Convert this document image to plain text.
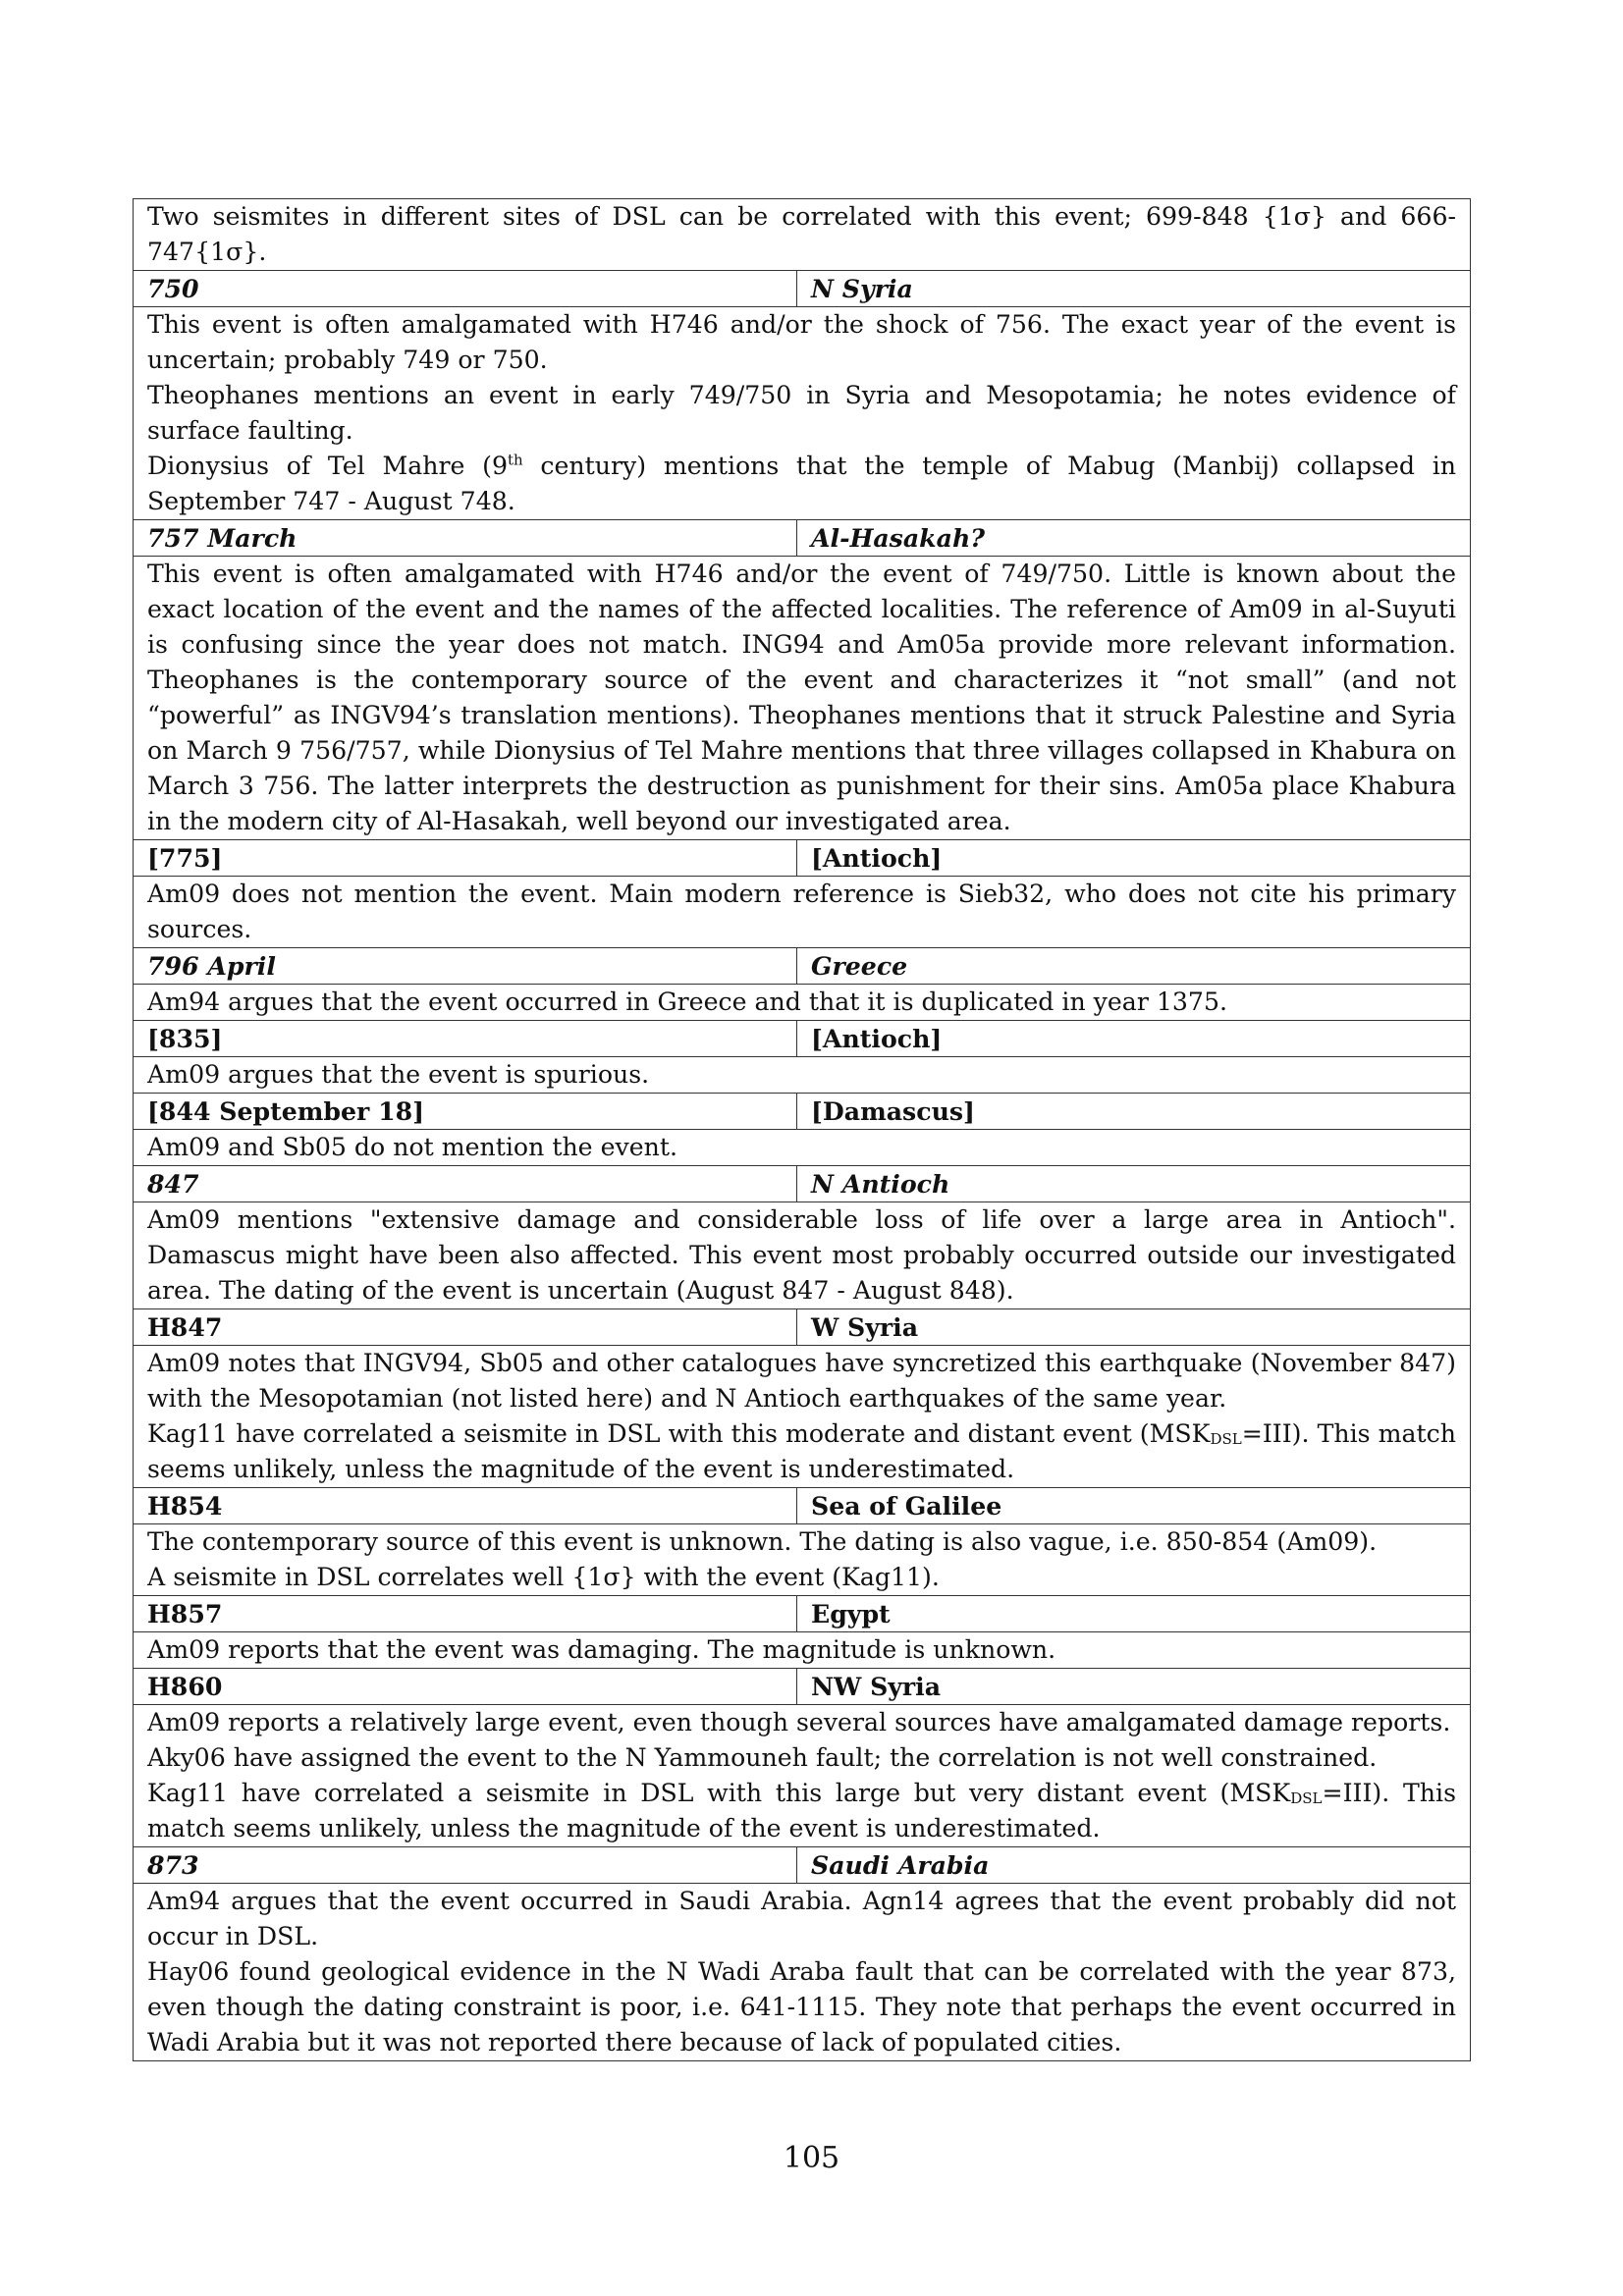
Two seismites in different sites of DSL can be correlated with this event; 699-848 {1σ} and 666-747{1σ}.	

750	N Syria

This event is often amalgamated with H746 and/or the shock of 756. The exact year of the event is uncertain; probably 749 or 750.

Theophanes mentions an event in early 749/750 in Syria and Mesopotamia; he notes evidence of surface faulting.

Dionysius of Tel Mahre (9th century) mentions that the temple of Mabug (Manbij) collapsed in September 747 - August 748.	

757 March	Al-Hasakah?

This event is often amalgamated with H746 and/or the event of 749/750. Little is known about the exact location of the event and the names of the affected localities. The reference of Am09 in al-Suyuti is confusing since the year does not match. ING94 and Am05a provide more relevant information. Theophanes is the contemporary source of the event and characterizes it “not small” (and not “powerful” as INGV94’s translation mentions). Theophanes mentions that it struck Palestine and Syria on March 9 756/757, while Dionysius of Tel Mahre mentions that three villages collapsed in Khabura on March 3 756. The latter interprets the destruction as punishment for their sins. Am05a place Khabura in the modern city of Al-Hasakah, well beyond our investigated area.	

[775]	[Antioch]

Am09 does not mention the event. Main modern reference is Sieb32, who does not cite his primary sources.	

796 April	Greece

Am94 argues that the event occurred in Greece and that it is duplicated in year 1375.	

[835]	[Antioch]

Am09 argues that the event is spurious.	

[844 September 18]	[Damascus]

Am09 and Sb05 do not mention the event.	

847	N Antioch

Am09 mentions "extensive damage and considerable loss of life over a large area in Antioch". Damascus might have been also affected. This event most probably occurred outside our investigated area. The dating of the event is uncertain (August 847 - August 848).	

H847	W Syria

Am09 notes that INGV94, Sb05 and other catalogues have syncretized this earthquake (November 847) with the Mesopotamian (not listed here) and N Antioch earthquakes of the same year.

Kag11 have correlated a seismite in DSL with this moderate and distant event $(MSK_{DSL}=III)$. This match seems unlikely, unless the magnitude of the event is underestimated.	

H854	Sea of Galilee

The contemporary source of this event is unknown. The dating is also vague, i.e. 850-854 (Am09).

A seismite in DSL correlates well {1σ} with the event (Kag11).	

H857	Egypt

Am09 reports that the event was damaging. The magnitude is unknown.	

H860	NW Syria

Am09 reports a relatively large event, even though several sources have amalgamated damage reports.

Aky06 have assigned the event to the N Yammouneh fault; the correlation is not well constrained.

Kag11 have correlated a seismite in DSL with this large but very distant event $(MSK_{DSL}=III)$. This match seems unlikely, unless the magnitude of the event is underestimated.	

873	Saudi Arabia

Am94 argues that the event occurred in Saudi Arabia. Agn14 agrees that the event probably did not occur in DSL.

Hay06 found geological evidence in the N Wadi Araba fault that can be correlated with the year 873, even though the dating constraint is poor, i.e. 641-1115. They note that perhaps the event occurred in Wadi Arabia but it was not reported there because of lack of populated cities.	

105
